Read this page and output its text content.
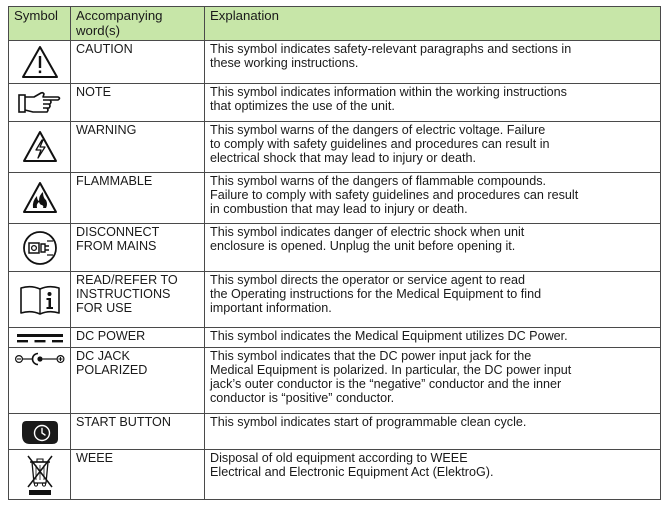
Symbol	Accompanying word(s)	Explanation

	CAUTION	This symbol indicates safety-relevant paragraphs and sections in
these working instructions.

	NOTE	This symbol indicates information within the working instructions
that optimizes the use of the unit.

	WARNING	This symbol warns of the dangers of electric voltage. Failure
to comply with safety guidelines and procedures can result in
electrical shock that may lead to injury or death.

	FLAMMABLE	This symbol warns of the dangers of flammable compounds.
Failure to comply with safety guidelines and procedures can result
in combustion that may lead to injury or death.

	DISCONNECT FROM MAINS	This symbol indicates danger of electric shock when unit
enclosure is opened. Unplug the unit before opening it.

	READ/REFER TO INSTRUCTIONS FOR USE	This symbol directs the operator or service agent to read
the Operating instructions for the Medical Equipment to find
important information.

	DC POWER	This symbol indicates the Medical Equipment utilizes DC Power.

	DC JACK POLARIZED	This symbol indicates that the DC power input jack for the
Medical Equipment is polarized. In particular, the DC power input
jack’s outer conductor is the “negative” conductor and the inner
conductor is “positive” conductor.

	START BUTTON	This symbol indicates start of programmable clean cycle.

	WEEE	Disposal of old equipment according to WEEE
Electrical and Electronic Equipment Act (ElektroG).
